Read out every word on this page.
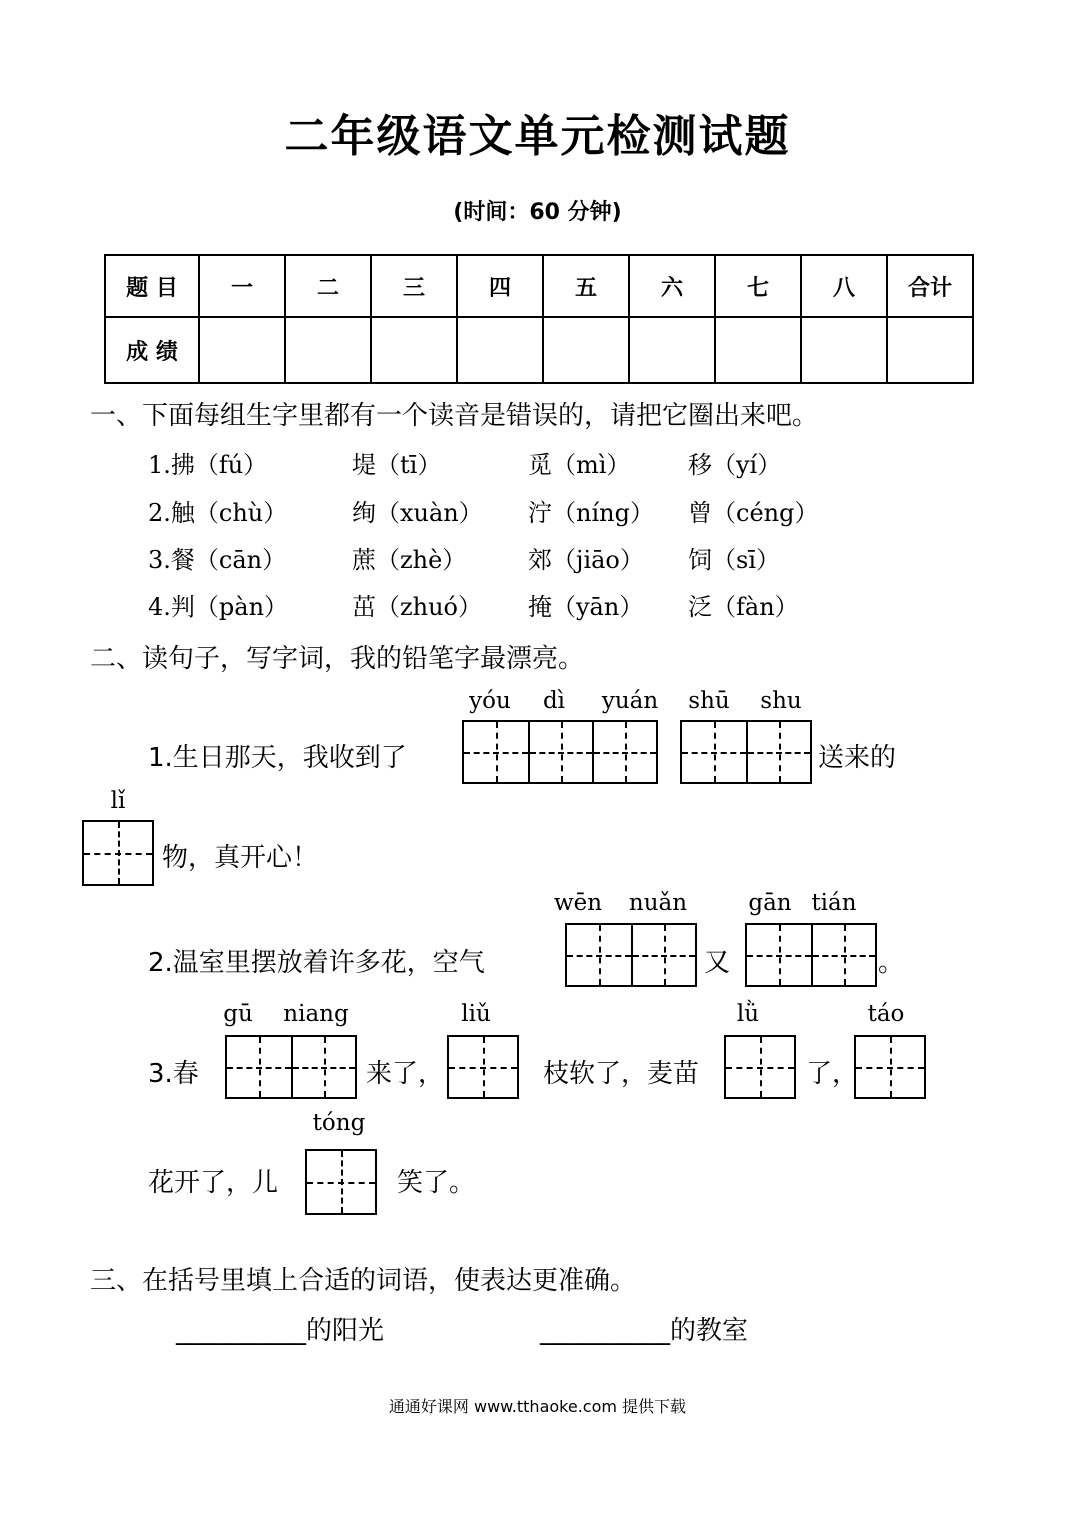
二年级语文单元检测试题
(时间：60 分钟)
题 目	一	二	三	四	五	六	七	八	合计
成 绩									
一、下面每组生字里都有一个读音是错误的，请把它圈出来吧。
1.拂（fú）	堤（tī）	觅（mì） 移（yí）
2.触（chù）	绚（xuàn） 泞（níng） 曾（céng）
3.餐（cān）	蔗（zhè）	郊（jiāo） 饲（sī）
4.判（pàn）	茁（zhuó） 掩（yān） 泛（fàn）
二、读句子，写字词，我的铅笔字最漂亮。
yóu	dì	yuán	shū	shu
1.生日那天，我收到了	送来的
lǐ
物，真开心！
wēn nuǎn	gān tián
2.温室里摆放着许多花，空气	又	。
gū	niang	liǔ	lǜ	táo
3.春	来了，	枝软了，麦苗	了，
tóng
花开了，儿	笑了。
三、在括号里填上合适的词语，使表达更准确。
__________的阳光	__________的教室
通通好课网 www.tthaoke.com 提供下载
